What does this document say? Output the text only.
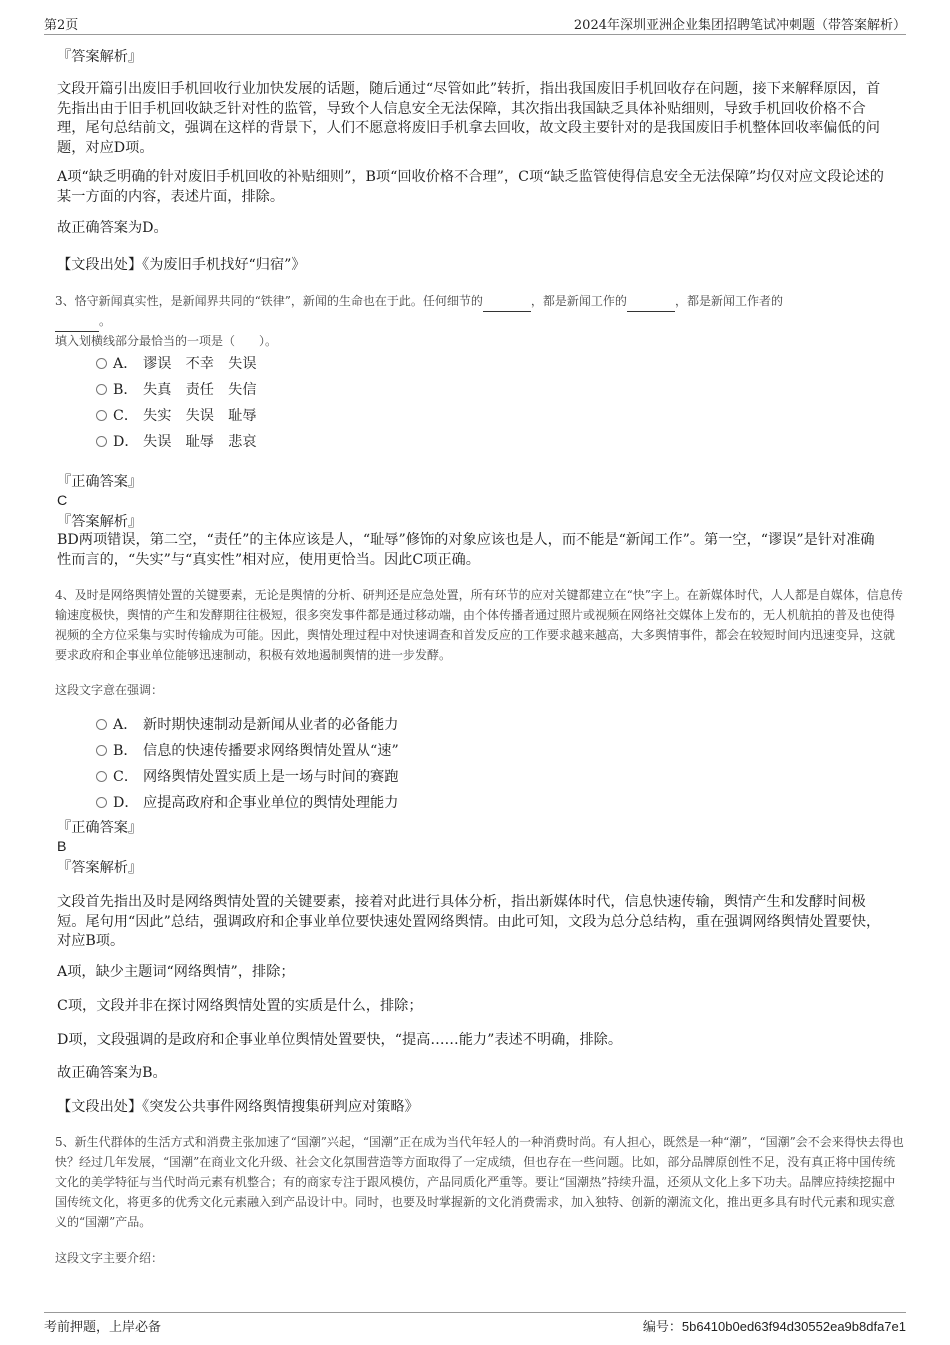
第2页	2024年深圳亚洲企业集团招聘笔试冲刺题（带答案解析）
『答案解析』
文段开篇引出废旧手机回收行业加快发展的话题，随后通过“尽管如此”转折，指出我国废旧手机回收存在问题，接下来解释原因，首先指出由于旧手机回收缺乏针对性的监管，导致个人信息安全无法保障，其次指出我国缺乏具体补贴细则，导致手机回收价格不合理，尾句总结前文，强调在这样的背景下，人们不愿意将废旧手机拿去回收，故文段主要针对的是我国废旧手机整体回收率偏低的问题，对应D项。
A项“缺乏明确的针对废旧手机回收的补贴细则”，B项“回收价格不合理”，C项“缺乏监管使得信息安全无法保障”均仅对应文段论述的某一方面的内容，表述片面，排除。
故正确答案为D。
【文段出处】《为废旧手机找好“归宿”》
3、恪守新闻真实性，是新闻界共同的“铁律”，新闻的生命也在于此。任何细节的	，都是新闻工作的	，都是新闻工作者的
。
填入划横线部分最恰当的一项是（　　）。
A． 谬误　不幸　失误
B． 失真　责任　失信
C． 失实　失误　耻辱
D． 失误　耻辱　悲哀
『正确答案』
C
『答案解析』
BD两项错误，第二空，“责任”的主体应该是人，“耻辱”修饰的对象应该也是人，而不能是“新闻工作”。第一空，“谬误”是针对准确性而言的，“失实”与“真实性”相对应，使用更恰当。因此C项正确。
4、及时是网络舆情处置的关键要素，无论是舆情的分析、研判还是应急处置，所有环节的应对关键都建立在“快”字上。在新媒体时代，人人都是自媒体，信息传输速度极快，舆情的产生和发酵期往往极短，很多突发事件都是通过移动端，由个体传播者通过照片或视频在网络社交媒体上发布的，无人机航拍的普及也使得视频的全方位采集与实时传输成为可能。因此，舆情处理过程中对快速调查和首发反应的工作要求越来越高，大多舆情事件，都会在较短时间内迅速变异，这就要求政府和企事业单位能够迅速制动，积极有效地遏制舆情的进一步发酵。
这段文字意在强调：
A． 新时期快速制动是新闻从业者的必备能力
B． 信息的快速传播要求网络舆情处置从“速”
C． 网络舆情处置实质上是一场与时间的赛跑
D． 应提高政府和企事业单位的舆情处理能力
『正确答案』
B
『答案解析』
文段首先指出及时是网络舆情处置的关键要素，接着对此进行具体分析，指出新媒体时代，信息快速传输，舆情产生和发酵时间极短。尾句用“因此”总结，强调政府和企事业单位要快速处置网络舆情。由此可知，文段为总分总结构，重在强调网络舆情处置要快，对应B项。
A项，缺少主题词“网络舆情”，排除；
C项，文段并非在探讨网络舆情处置的实质是什么，排除；
D项，文段强调的是政府和企事业单位舆情处置要快，“提高……能力”表述不明确，排除。
故正确答案为B。
【文段出处】《突发公共事件网络舆情搜集研判应对策略》
5、新生代群体的生活方式和消费主张加速了“国潮”兴起，“国潮”正在成为当代年轻人的一种消费时尚。有人担心，既然是一种“潮”，“国潮”会不会来得快去得也快？经过几年发展，“国潮”在商业文化升级、社会文化氛围营造等方面取得了一定成绩，但也存在一些问题。比如，部分品牌原创性不足，没有真正将中国传统文化的美学特征与当代时尚元素有机整合；有的商家专注于跟风模仿，产品同质化严重等。要让“国潮热”持续升温，还须从文化上多下功夫。品牌应持续挖掘中国传统文化，将更多的优秀文化元素融入到产品设计中。同时，也要及时掌握新的文化消费需求，加入独特、创新的潮流文化，推出更多具有时代元素和现实意义的“国潮”产品。
这段文字主要介绍：
考前押题，上岸必备	编号：5b6410b0ed63f94d30552ea9b8dfa7e1
